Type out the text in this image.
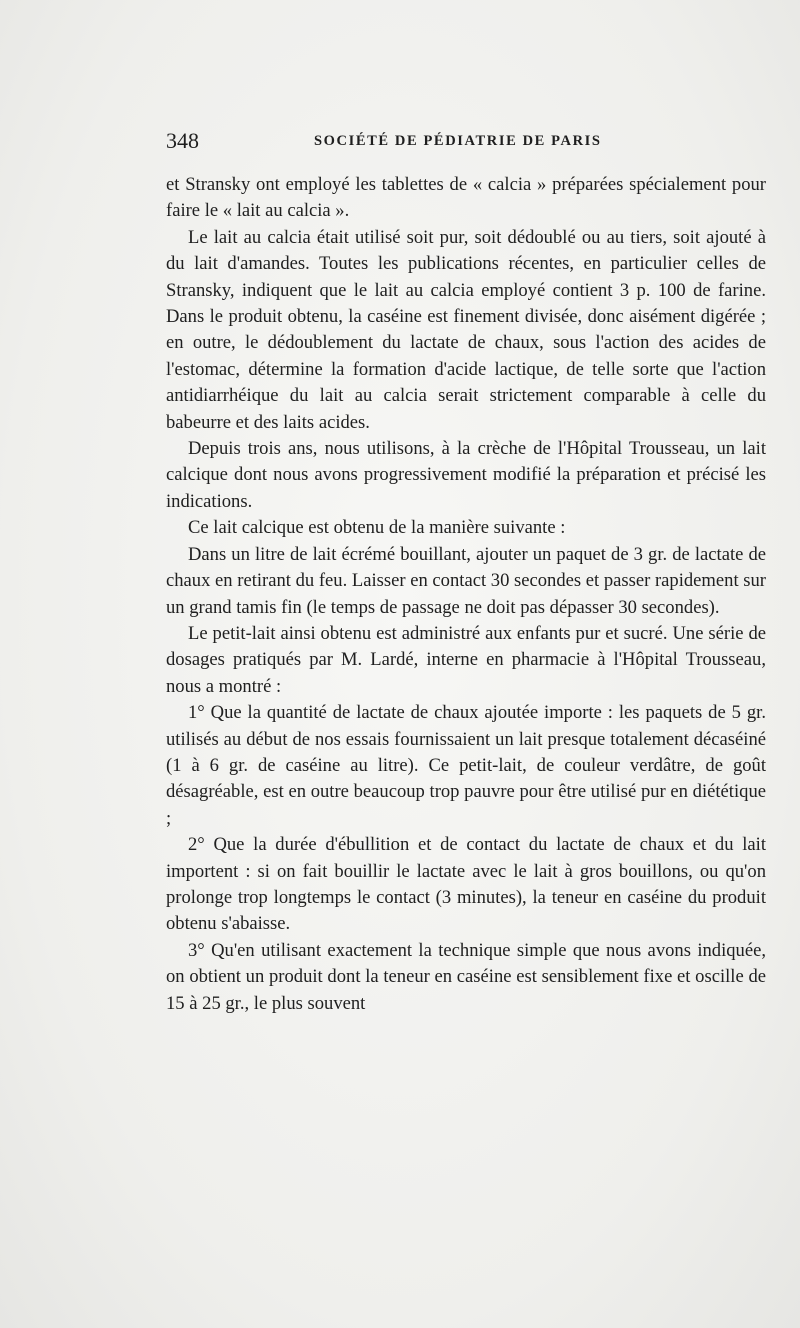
348	SOCIÉTÉ DE PÉDIATRIE DE PARIS

et Stransky ont employé les tablettes de « calcia » préparées spécialement pour faire le « lait au calcia ».

Le lait au calcia était utilisé soit pur, soit dédoublé ou au tiers, soit ajouté à du lait d'amandes. Toutes les publications récentes, en particulier celles de Stransky, indiquent que le lait au calcia employé contient 3 p. 100 de farine. Dans le produit obtenu, la caséine est finement divisée, donc aisément digérée ; en outre, le dédoublement du lactate de chaux, sous l'action des acides de l'estomac, détermine la formation d'acide lactique, de telle sorte que l'action antidiarrhéique du lait au calcia serait strictement comparable à celle du babeurre et des laits acides.

Depuis trois ans, nous utilisons, à la crèche de l'Hôpital Trousseau, un lait calcique dont nous avons progressivement modifié la préparation et précisé les indications.

Ce lait calcique est obtenu de la manière suivante :

Dans un litre de lait écrémé bouillant, ajouter un paquet de 3 gr. de lactate de chaux en retirant du feu. Laisser en contact 30 secondes et passer rapidement sur un grand tamis fin (le temps de passage ne doit pas dépasser 30 secondes).

Le petit-lait ainsi obtenu est administré aux enfants pur et sucré. Une série de dosages pratiqués par M. Lardé, interne en pharmacie à l'Hôpital Trousseau, nous a montré :

1° Que la quantité de lactate de chaux ajoutée importe : les paquets de 5 gr. utilisés au début de nos essais fournissaient un lait presque totalement décaséiné (1 à 6 gr. de caséine au litre). Ce petit-lait, de couleur verdâtre, de goût désagréable, est en outre beaucoup trop pauvre pour être utilisé pur en diététique ;

2° Que la durée d'ébullition et de contact du lactate de chaux et du lait importent : si on fait bouillir le lactate avec le lait à gros bouillons, ou qu'on prolonge trop longtemps le contact (3 minutes), la teneur en caséine du produit obtenu s'abaisse.

3° Qu'en utilisant exactement la technique simple que nous avons indiquée, on obtient un produit dont la teneur en caséine est sensiblement fixe et oscille de 15 à 25 gr., le plus souvent
